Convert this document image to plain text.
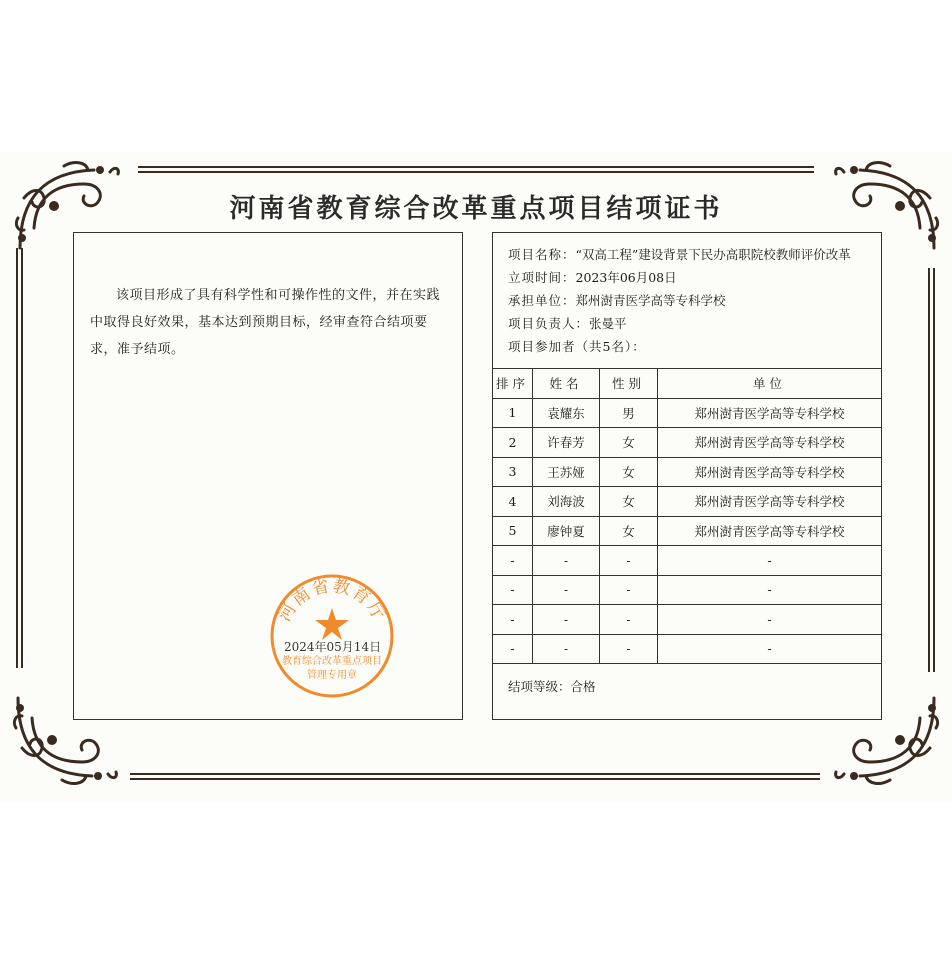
河南省教育综合改革重点项目结项证书
该项目形成了具有科学性和可操作性的文件，并在实践中取得良好效果，基本达到预期目标，经审查符合结项要求，准予结项。
河南省教育厅
教育综合改革重点项目
管理专用章
2024年05月14日
项目名称：“双高工程”建设背景下民办高职院校教师评价改革
立项时间：2023年06月08日
承担单位：郑州澍青医学高等专科学校
项目负责人：张曼平
项目参加者（共5名）：
排序	姓名	性别	单位
1	袁耀东	男	郑州澍青医学高等专科学校
2	许春芳	女	郑州澍青医学高等专科学校
3	王苏娅	女	郑州澍青医学高等专科学校
4	刘海波	女	郑州澍青医学高等专科学校
5	廖钟夏	女	郑州澍青医学高等专科学校
-	-	-	-
-	-	-	-
-	-	-	-
-	-	-	-
结项等级：合格
